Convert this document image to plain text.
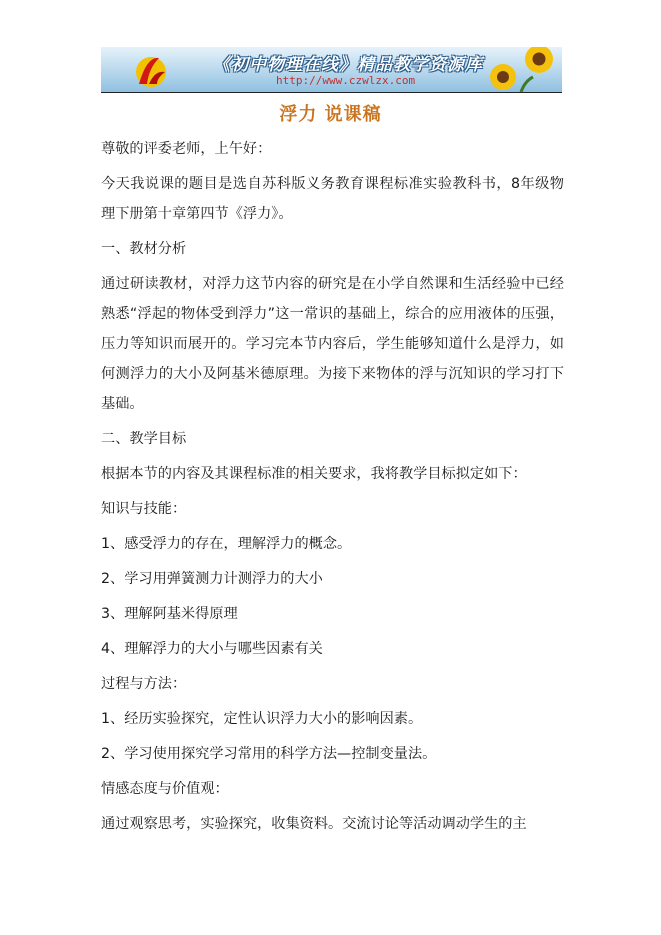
《初中物理在线》精品教学资源库
http://www.czwlzx.com
浮力 说课稿

尊敬的评委老师，上午好：

今天我说课的题目是选自苏科版义务教育课程标准实验教科书，8年级物理下册第十章第四节《浮力》。

一、教材分析

通过研读教材，对浮力这节内容的研究是在小学自然课和生活经验中已经熟悉“浮起的物体受到浮力”这一常识的基础上，综合的应用液体的压强，压力等知识而展开的。学习完本节内容后，学生能够知道什么是浮力，如何测浮力的大小及阿基米德原理。为接下来物体的浮与沉知识的学习打下基础。

二、教学目标

根据本节的内容及其课程标准的相关要求，我将教学目标拟定如下：

知识与技能：

1、感受浮力的存在，理解浮力的概念。

2、学习用弹簧测力计测浮力的大小

3、理解阿基米得原理

4、理解浮力的大小与哪些因素有关

过程与方法：

1、经历实验探究，定性认识浮力大小的影响因素。

2、学习使用探究学习常用的科学方法—控制变量法。

情感态度与价值观：

通过观察思考，实验探究，收集资料。交流讨论等活动调动学生的主
